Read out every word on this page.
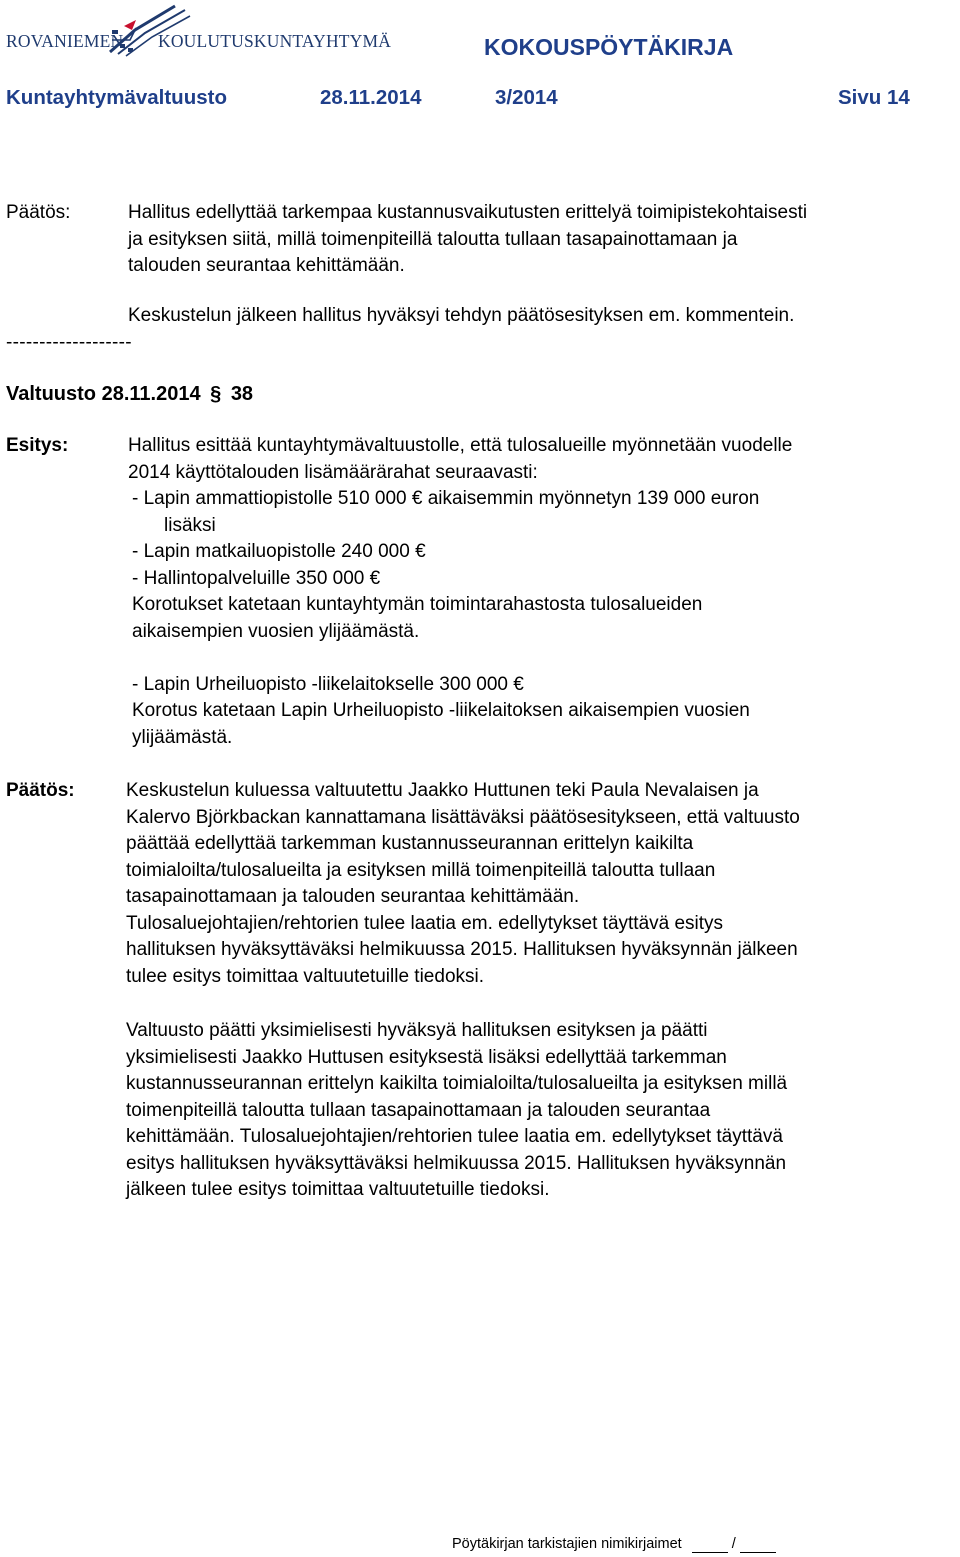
ROVANIEMEN KOULUTUSKUNTAYHTYMÄ	KOKOUSPÖYTÄKIRJA
Kuntayhtymävaltuusto	28.11.2014	3/2014	Sivu 14
Päätös:	Hallitus edellyttää tarkempaa kustannusvaikutusten erittelyä toimipistekohtaisesti
ja esityksen siitä, millä toimenpiteillä taloutta tullaan tasapainottamaan ja
talouden seurantaa kehittämään.
Keskustelun jälkeen hallitus hyväksyi tehdyn päätösesityksen em. kommentein.
-------------------
Valtuusto 28.11.2014 § 38
Esitys:	Hallitus esittää kuntayhtymävaltuustolle, että tulosalueille myönnetään vuodelle
2014 käyttötalouden lisämäärärahat seuraavasti:
- Lapin ammattiopistolle 510 000 € aikaisemmin myönnetyn 139 000 euron
lisäksi
- Lapin matkailuopistolle 240 000 €
- Hallintopalveluille 350 000 €
Korotukset katetaan kuntayhtymän toimintarahastosta tulosalueiden
aikaisempien vuosien ylijäämästä.
- Lapin Urheiluopisto -liikelaitokselle 300 000 €
Korotus katetaan Lapin Urheiluopisto -liikelaitoksen aikaisempien vuosien
ylijäämästä.
Päätös:	Keskustelun kuluessa valtuutettu Jaakko Huttunen teki Paula Nevalaisen ja
Kalervo Björkbackan kannattamana lisättäväksi päätösesitykseen, että valtuusto
päättää edellyttää tarkemman kustannusseurannan erittelyn kaikilta
toimialoilta/tulosalueilta ja esityksen millä toimenpiteillä taloutta tullaan
tasapainottamaan ja talouden seurantaa kehittämään.
Tulosaluejohtajien/rehtorien tulee laatia em. edellytykset täyttävä esitys
hallituksen hyväksyttäväksi helmikuussa 2015. Hallituksen hyväksynnän jälkeen
tulee esitys toimittaa valtuutetuille tiedoksi.
Valtuusto päätti yksimielisesti hyväksyä hallituksen esityksen ja päätti
yksimielisesti Jaakko Huttusen esityksestä lisäksi edellyttää tarkemman
kustannusseurannan erittelyn kaikilta toimialoilta/tulosalueilta ja esityksen millä
toimenpiteillä taloutta tullaan tasapainottamaan ja talouden seurantaa
kehittämään. Tulosaluejohtajien/rehtorien tulee laatia em. edellytykset täyttävä
esitys hallituksen hyväksyttäväksi helmikuussa 2015. Hallituksen hyväksynnän
jälkeen tulee esitys toimittaa valtuutetuille tiedoksi.
Pöytäkirjan tarkistajien nimikirjaimet	/
